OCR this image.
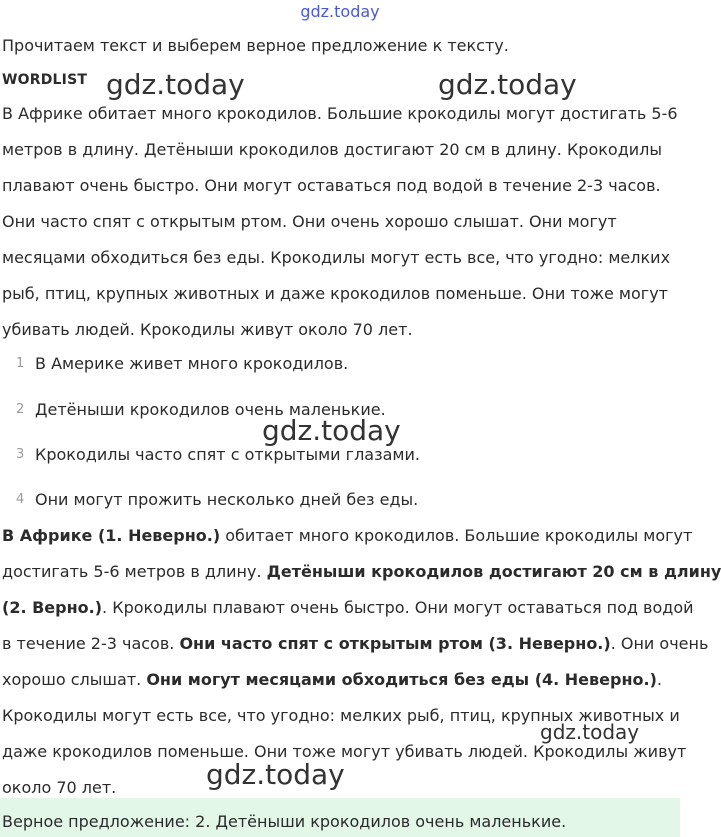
gdz.today
Прочитаем текст и выберем верное предложение к тексту.
WORDLIST
В Африке обитает много крокодилов. Большие крокодилы могут достигать 5-6
метров в длину. Детёныши крокодилов достигают 20 см в длину. Крокодилы
плавают очень быстро. Они могут оставаться под водой в течение 2-3 часов.
Они часто спят с открытым ртом. Они очень хорошо слышат. Они могут
месяцами обходиться без еды. Крокодилы могут есть все, что угодно: мелких
рыб, птиц, крупных животных и даже крокодилов поменьше. Они тоже могут
убивать людей. Крокодилы живут около 70 лет.
1 В Америке живет много крокодилов.
2 Детёныши крокодилов очень маленькие.
3 Крокодилы часто спят с открытыми глазами.
4 Они могут прожить несколько дней без еды.
В Африке (1. Неверно.) обитает много крокодилов. Большие крокодилы могут
достигать 5-6 метров в длину. Детёныши крокодилов достигают 20 см в длину
(2. Верно.). Крокодилы плавают очень быстро. Они могут оставаться под водой
в течение 2-3 часов. Они часто спят с открытым ртом (3. Неверно.). Они очень
хорошо слышат. Они могут месяцами обходиться без еды (4. Неверно.).
Крокодилы могут есть все, что угодно: мелких рыб, птиц, крупных животных и
даже крокодилов поменьше. Они тоже могут убивать людей. Крокодилы живут
около 70 лет.
Верное предложение: 2. Детёныши крокодилов очень маленькие.
gdz.today	gdz.today
gdz.today
gdz.today
gdz.today
